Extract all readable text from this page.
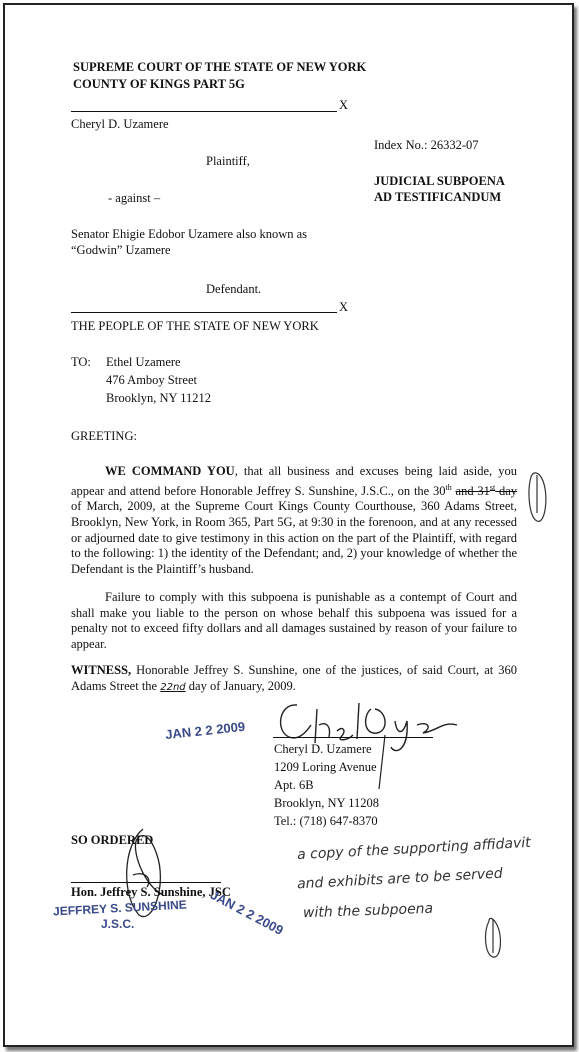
SUPREME COURT OF THE STATE OF NEW YORK
COUNTY OF KINGS PART 5G
X
Cheryl D. Uzamere
Index No.: 26332-07
Plaintiff,
JUDICIAL SUBPOENA
AD TESTIFICANDUM
- against –
Senator Ehigie Edobor Uzamere also known as
“Godwin” Uzamere
Defendant.
X
THE PEOPLE OF THE STATE OF NEW YORK
TO: Ethel Uzamere
476 Amboy Street
Brooklyn, NY 11212
GREETING:
WE COMMAND YOU, that all business and excuses being laid aside, you appear and attend before Honorable Jeffrey S. Sunshine, J.S.C., on the 30th and 31st day of March, 2009, at the Supreme Court Kings County Courthouse, 360 Adams Street, Brooklyn, New York, in Room 365, Part 5G, at 9:30 in the forenoon, and at any recessed or adjourned date to give testimony in this action on the part of the Plaintiff, with regard to the following: 1) the identity of the Defendant; and, 2) your knowledge of whether the Defendant is the Plaintiff’s husband.
Failure to comply with this subpoena is punishable as a contempt of Court and shall make you liable to the person on whose behalf this subpoena was issued for a penalty not to exceed fifty dollars and all damages sustained by reason of your failure to appear.
WITNESS, Honorable Jeffrey S. Sunshine, one of the justices, of said Court, at 360 Adams Street the 22nd day of January, 2009.
JAN 2 2 2009
Cheryl D. Uzamere
1209 Loring Avenue
Apt. 6B
Brooklyn, NY 11208
Tel.: (718) 647-8370
SO ORDERED
Hon. Jeffrey S. Sunshine, JSC
JEFFREY S. SUNSHINE
J.S.C.	JAN 2 2 2009
a copy of the supporting affidavit
and exhibits are to be served
with the subpoena
